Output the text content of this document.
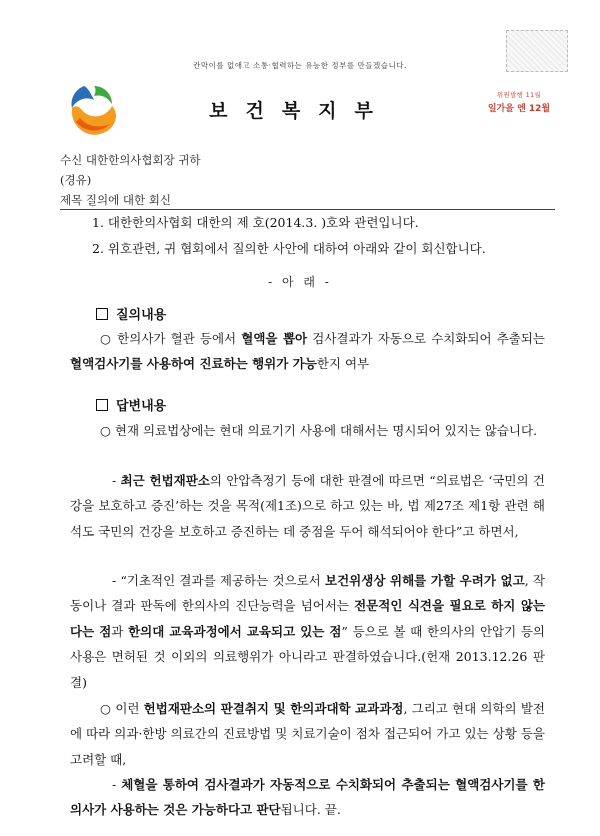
칸막이를 없애고 소통·협력하는 유능한 정부를 만들겠습니다.
보건복지부
위원발행 11월
일가을 엔 12월
수신 대한한의사협회장 귀하
(경유)
제목 질의에 대한 회신
1. 대한한의사협회 대한의 제 호(2014.3. )호와 관련입니다.
2. 위호관련, 귀 협회에서 질의한 사안에 대하여 아래와 같이 회신합니다.
- 아 래 -
질의내용
○ 한의사가 혈관 등에서 혈액을 뽑아 검사결과가 자동으로 수치화되어 추출되는 혈액검사기를 사용하여 진료하는 행위가 가능한지 여부
답변내용
○ 현재 의료법상에는 현대 의료기기 사용에 대해서는 명시되어 있지는 않습니다.
- 최근 헌법재판소의 안압측정기 등에 대한 판결에 따르면 “의료법은 ‘국민의 건강을 보호하고 증진’하는 것을 목적(제1조)으로 하고 있는 바, 법 제27조 제1항 관련 해석도 국민의 건강을 보호하고 증진하는 데 중점을 두어 해석되어야 한다”고 하면서,
- “기초적인 결과를 제공하는 것으로서 보건위생상 위해를 가할 우려가 없고, 작동이나 결과 판독에 한의사의 진단능력을 넘어서는 전문적인 식견을 필요로 하지 않는다는 점과 한의대 교육과정에서 교육되고 있는 점” 등으로 볼 때 한의사의 안압기 등의 사용은 면허된 것 이외의 의료행위가 아니라고 판결하였습니다.(헌재 2013.12.26 판결)
○ 이런 헌법재판소의 판결취지 및 한의과대학 교과과정, 그리고 현대 의학의 발전에 따라 의과·한방 의료간의 진료방법 및 치료기술이 점차 접근되어 가고 있는 상황 등을 고려할 때,
- 체혈을 통하여 검사결과가 자동적으로 수치화되어 추출되는 혈액검사기를 한의사가 사용하는 것은 가능하다고 판단됩니다. 끝.
